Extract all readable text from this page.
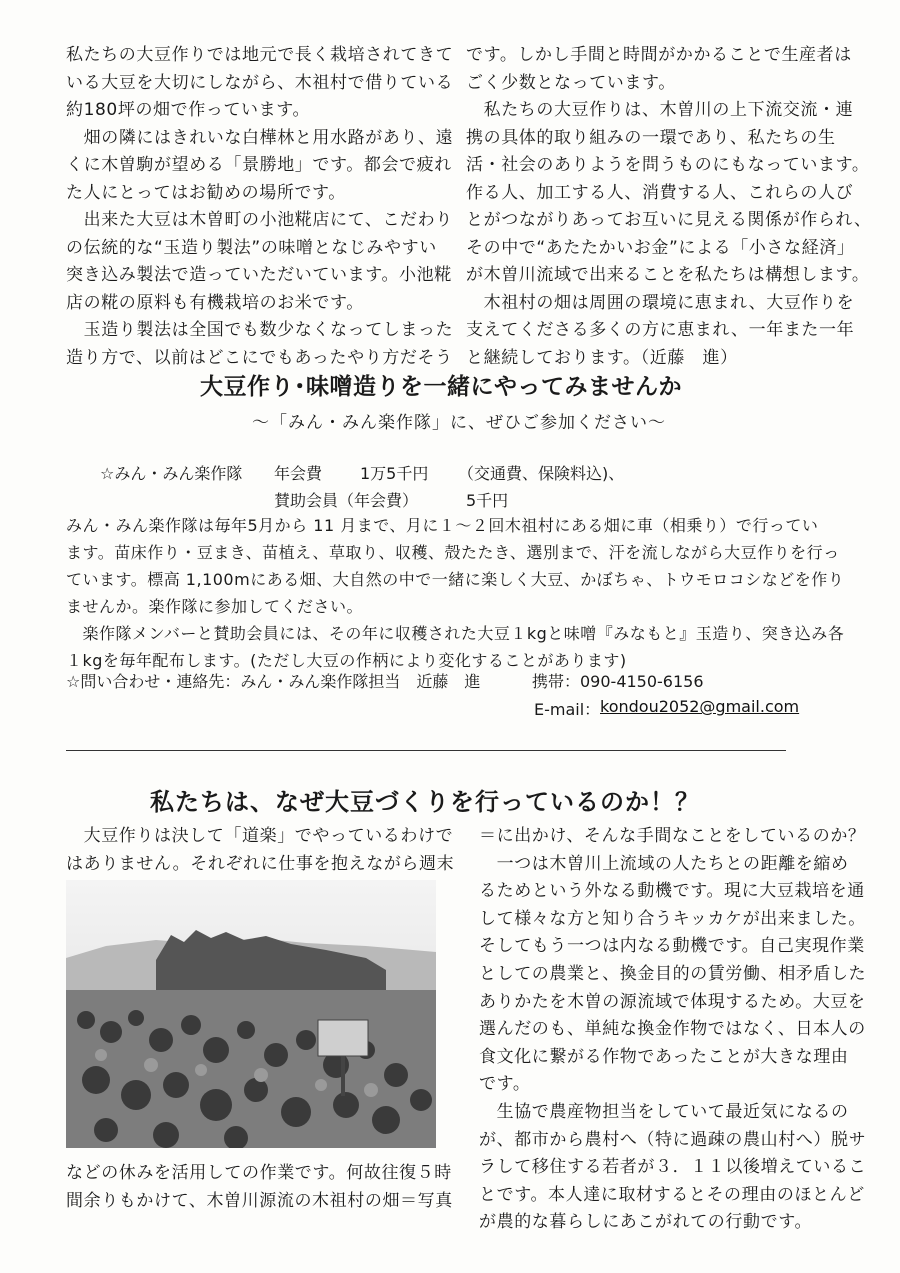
私たちの大豆作りでは地元で長く栽培されてきて
いる大豆を大切にしながら、木祖村で借りている
約180坪の畑で作っています。
　畑の隣にはきれいな白樺林と用水路があり、遠
くに木曽駒が望める「景勝地」です。都会で疲れ
た人にとってはお勧めの場所です。
　出来た大豆は木曽町の小池糀店にて、こだわり
の伝統的な“玉造り製法”の味噌となじみやすい
突き込み製法で造っていただいています。小池糀
店の糀の原料も有機栽培のお米です。
　玉造り製法は全国でも数少なくなってしまった
造り方で、以前はどこにでもあったやり方だそう
です。しかし手間と時間がかかることで生産者は
ごく少数となっています。
　私たちの大豆作りは、木曽川の上下流交流・連
携の具体的取り組みの一環であり、私たちの生
活・社会のありようを問うものにもなっています。
作る人、加工する人、消費する人、これらの人び
とがつながりあってお互いに見える関係が作られ、
その中で“あたたかいお金”による「小さな経済」
が木曽川流域で出来ることを私たちは構想します。
　木祖村の畑は周囲の環境に恵まれ、大豆作りを
支えてくださる多くの方に恵まれ、一年また一年
と継続しております。（近藤　進）
大豆作り･味噌造りを一緒にやってみませんか
～「みん・みん楽作隊」に、ぜひご参加ください～
☆みん・みん楽作隊 年会費 1万5千円 （交通費、保険料込)、
賛助会員（年会費）	5千円
みん・みん楽作隊は毎年5月から 11 月まで、月に１～２回木祖村にある畑に車（相乗り）で行ってい
ます。苗床作り・豆まき、苗植え、草取り、収穫、殻たたき、選別まで、汗を流しながら大豆作りを行っ
ています。標高 1,100mにある畑、大自然の中で一緒に楽しく大豆、かぼちゃ、トウモロコシなどを作り
ませんか。楽作隊に参加してください。
　楽作隊メンバーと賛助会員には、その年に収穫された大豆１kgと味噌『みなもと』玉造り、突き込み各
１kgを毎年配布します。(ただし大豆の作柄により変化することがあります)
☆問い合わせ・連絡先：みん・みん楽作隊担当　近藤　進	携帯：090-4150-6156
E-mail： kondou2052@gmail.com
私たちは、なぜ大豆づくりを行っているのか！？
　大豆作りは決して「道楽」でやっているわけで
はありません。それぞれに仕事を抱えながら週末
などの休みを活用しての作業です。何故往復５時
間余りもかけて、木曽川源流の木祖村の畑＝写真
＝に出かけ、そんな手間なことをしているのか？
　一つは木曽川上流域の人たちとの距離を縮め
るためという外なる動機です。現に大豆栽培を通
して様々な方と知り合うキッカケが出来ました。
そしてもう一つは内なる動機です。自己実現作業
としての農業と、換金目的の賃労働、相矛盾した
ありかたを木曽の源流域で体現するため。大豆を
選んだのも、単純な換金作物ではなく、日本人の
食文化に繋がる作物であったことが大きな理由
です。
　生協で農産物担当をしていて最近気になるの
が、都市から農村へ（特に過疎の農山村へ）脱サ
ラして移住する若者が３．１１以後増えているこ
とです。本人達に取材するとその理由のほとんど
が農的な暮らしにあこがれての行動です。
